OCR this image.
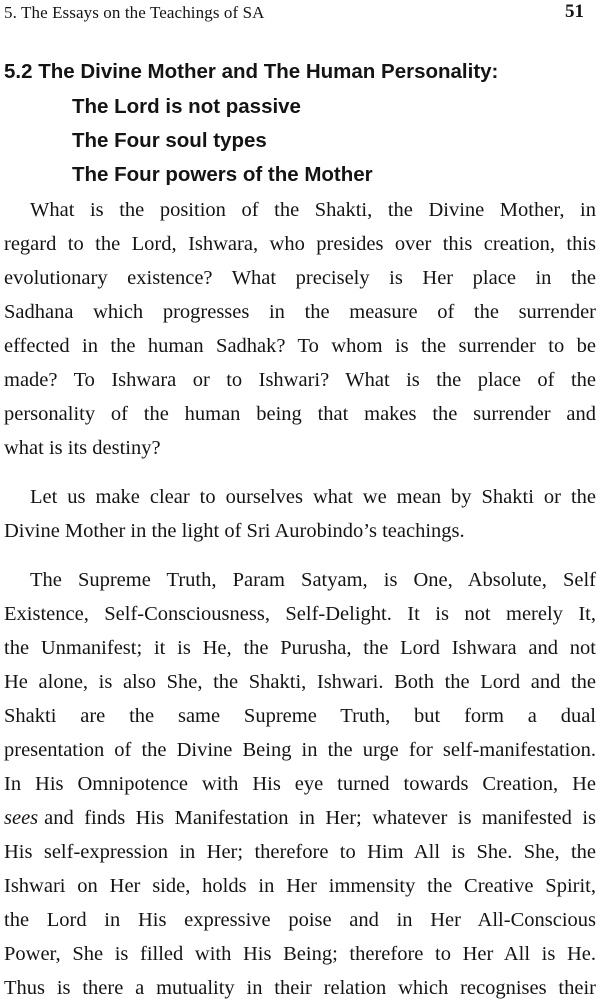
5. The Essays on the Teachings of SA	51
5.2 The Divine Mother and The Human Personality:
The Lord is not passive
The Four soul types
The Four powers of the Mother
What is the position of the Shakti, the Divine Mother, in
regard to the Lord, Ishwara, who presides over this creation, this
evolutionary existence? What precisely is Her place in the
Sadhana which progresses in the measure of the surrender
effected in the human Sadhak? To whom is the surrender to be
made? To Ishwara or to Ishwari? What is the place of the
personality of the human being that makes the surrender and
what is its destiny?
Let us make clear to ourselves what we mean by Shakti or the
Divine Mother in the light of Sri Aurobindo’s teachings.
The Supreme Truth, Param Satyam, is One, Absolute, Self
Existence, Self-Consciousness, Self-Delight. It is not merely It,
the Unmanifest; it is He, the Purusha, the Lord Ishwara and not
He alone, is also She, the Shakti, Ishwari. Both the Lord and the
Shakti are the same Supreme Truth, but form a dual
presentation of the Divine Being in the urge for self-manifestation.
In His Omnipotence with His eye turned towards Creation, He
sees and finds His Manifestation in Her; whatever is manifested is
His self-expression in Her; therefore to Him All is She. She, the
Ishwari on Her side, holds in Her immensity the Creative Spirit,
the Lord in His expressive poise and in Her All-Conscious
Power, She is filled with His Being; therefore to Her All is He.
Thus is there a mutuality in their relation which recognises their
